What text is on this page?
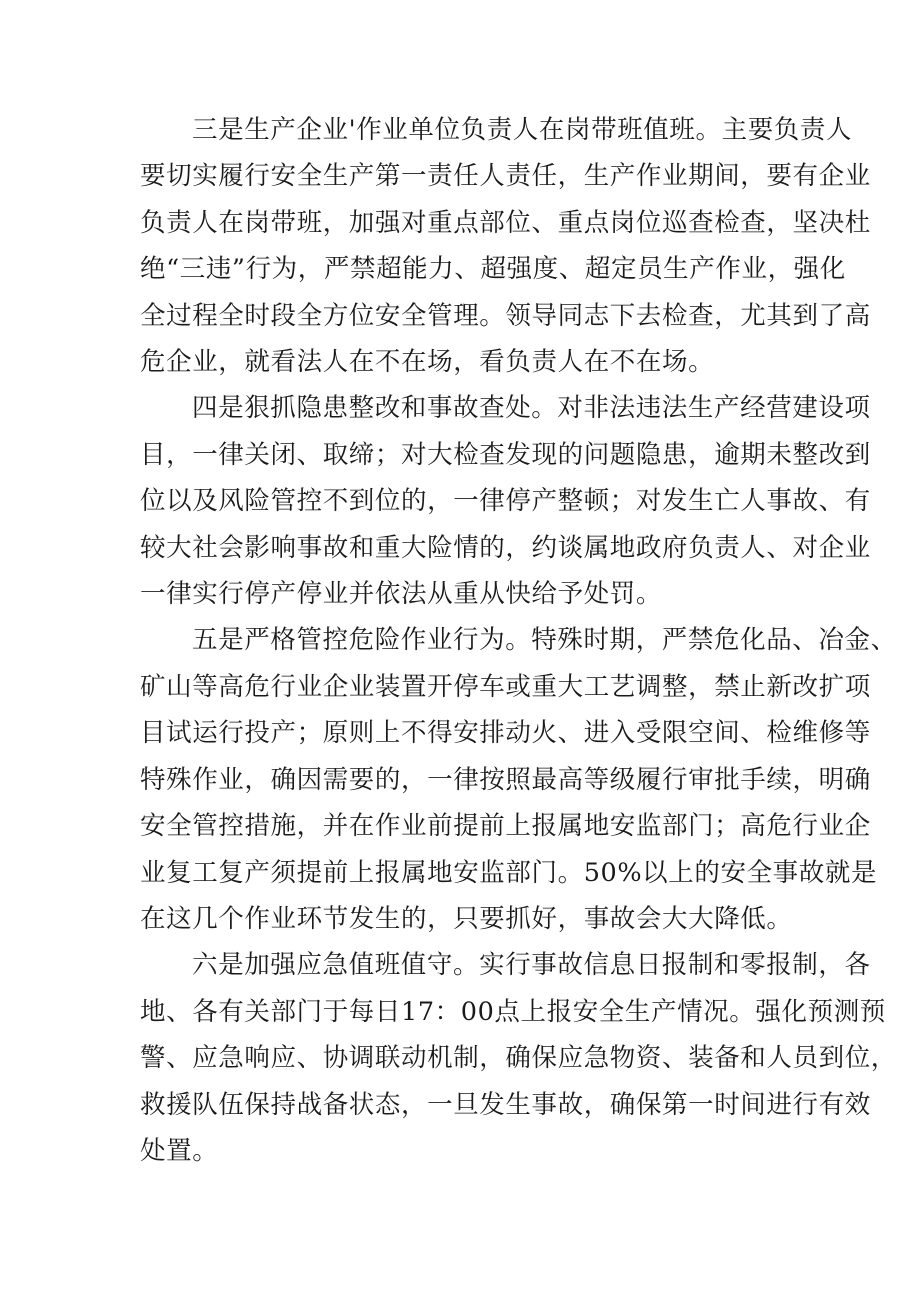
三是生产企业'作业单位负责人在岗带班值班。主要负责人
要切实履行安全生产第一责任人责任，生产作业期间，要有企业
负责人在岗带班，加强对重点部位、重点岗位巡查检查，坚决杜
绝“三违”行为，严禁超能力、超强度、超定员生产作业，强化
全过程全时段全方位安全管理。领导同志下去检查，尤其到了高
危企业，就看法人在不在场，看负责人在不在场。

四是狠抓隐患整改和事故查处。对非法违法生产经营建设项
目，一律关闭、取缔；对大检查发现的问题隐患，逾期未整改到
位以及风险管控不到位的，一律停产整顿；对发生亡人事故、有
较大社会影响事故和重大险情的，约谈属地政府负责人、对企业
一律实行停产停业并依法从重从快给予处罚。

五是严格管控危险作业行为。特殊时期，严禁危化品、冶金、
矿山等高危行业企业装置开停车或重大工艺调整，禁止新改扩项
目试运行投产；原则上不得安排动火、进入受限空间、检维修等
特殊作业，确因需要的，一律按照最高等级履行审批手续，明确
安全管控措施，并在作业前提前上报属地安监部门；高危行业企
业复工复产须提前上报属地安监部门。50%以上的安全事故就是
在这几个作业环节发生的，只要抓好，事故会大大降低。

六是加强应急值班值守。实行事故信息日报制和零报制，各
地、各有关部门于每日17：00点上报安全生产情况。强化预测预
警、应急响应、协调联动机制，确保应急物资、装备和人员到位，
救援队伍保持战备状态，一旦发生事故，确保第一时间进行有效
处置。
